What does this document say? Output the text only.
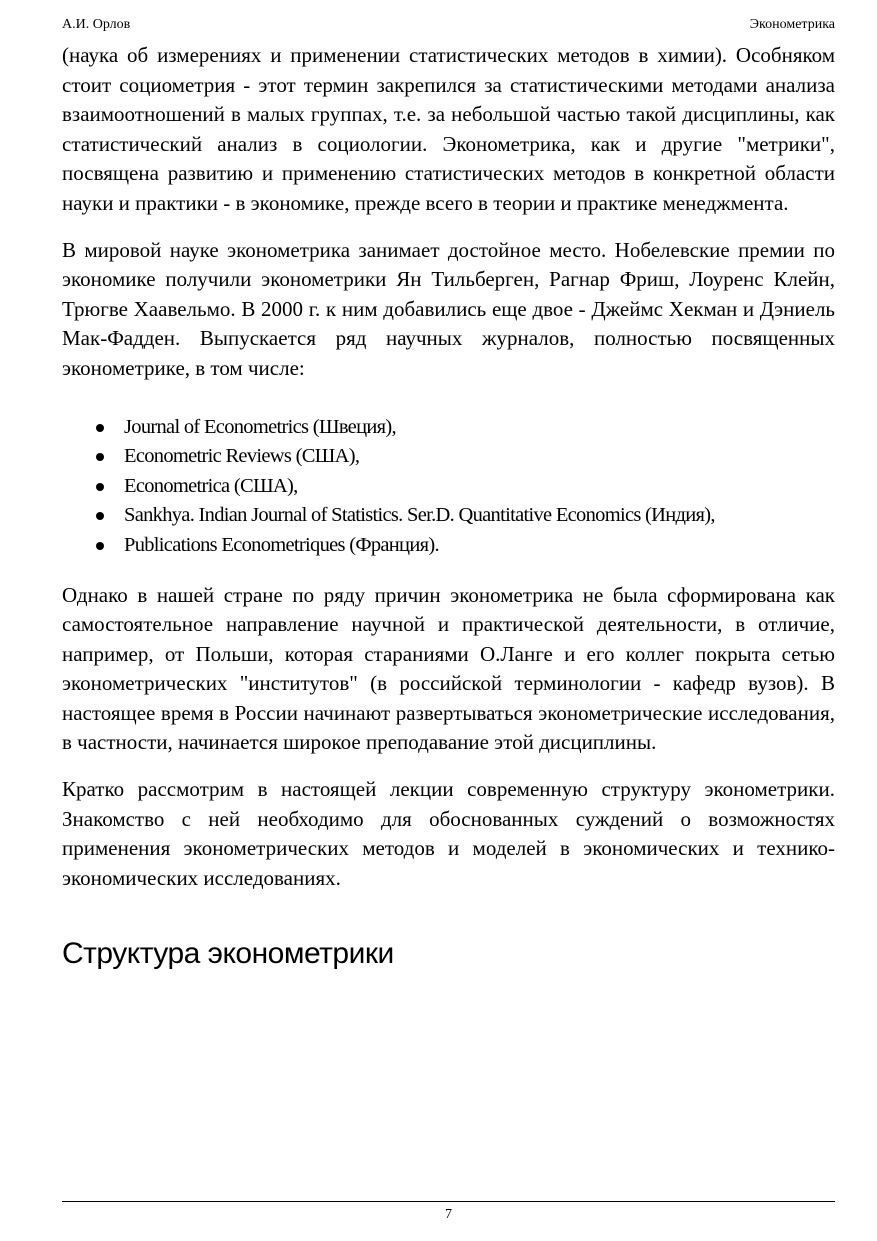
А.И. Орлов	Эконометрика

(наука об измерениях и применении статистических методов в химии). Особняком стоит социометрия - этот термин закрепился за статистическими методами анализа взаимоотношений в малых группах, т.е. за небольшой частью такой дисциплины, как статистический анализ в социологии. Эконометрика, как и другие "метрики", посвящена развитию и применению статистических методов в конкретной области науки и практики - в экономике, прежде всего в теории и практике менеджмента.

В мировой науке эконометрика занимает достойное место. Нобелевские премии по экономике получили эконометрики Ян Тильберген, Рагнар Фриш, Лоуренс Клейн, Трюгве Хаавельмо. В 2000 г. к ним добавились еще двое - Джеймс Хекман и Дэниель Мак-Фадден. Выпускается ряд научных журналов, полностью посвященных эконометрике, в том числе:

Journal of Econometrics (Швеция),
Econometric Reviews (США),
Econometrica (США),
Sankhya. Indian Journal of Statistics. Ser.D. Quantitative Economics (Индия),
Publications Econometriques (Франция).

Однако в нашей стране по ряду причин эконометрика не была сформирована как самостоятельное направление научной и практической деятельности, в отличие, например, от Польши, которая стараниями О.Ланге и его коллег покрыта сетью эконометрических "институтов" (в российской терминологии - кафедр вузов). В настоящее время в России начинают развертываться эконометрические исследования, в частности, начинается широкое преподавание этой дисциплины.

Кратко рассмотрим в настоящей лекции современную структуру эконометрики. Знакомство с ней необходимо для обоснованных суждений о возможностях применения эконометрических методов и моделей в экономических и технико-экономических исследованиях.

Структура эконометрики
7
